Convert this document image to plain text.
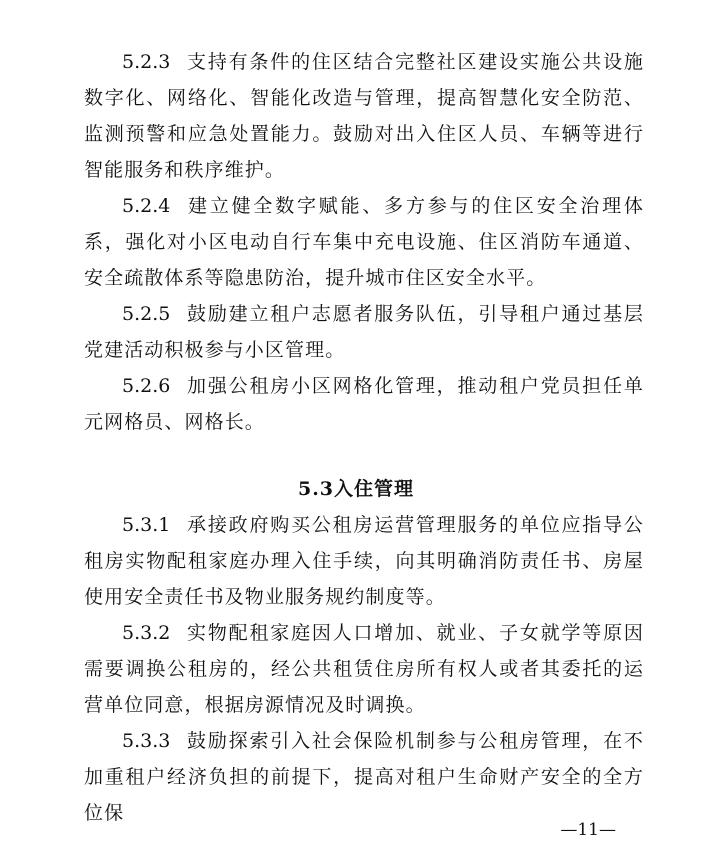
5.2.3 支持有条件的住区结合完整社区建设实施公共设施数字化、网络化、智能化改造与管理，提高智慧化安全防范、监测预警和应急处置能力。鼓励对出入住区人员、车辆等进行智能服务和秩序维护。

5.2.4 建立健全数字赋能、多方参与的住区安全治理体系，强化对小区电动自行车集中充电设施、住区消防车通道、安全疏散体系等隐患防治，提升城市住区安全水平。

5.2.5 鼓励建立租户志愿者服务队伍，引导租户通过基层党建活动积极参与小区管理。

5.2.6 加强公租房小区网格化管理，推动租户党员担任单元网格员、网格长。

5.3入住管理

5.3.1 承接政府购买公租房运营管理服务的单位应指导公租房实物配租家庭办理入住手续，向其明确消防责任书、房屋使用安全责任书及物业服务规约制度等。

5.3.2 实物配租家庭因人口增加、就业、子女就学等原因需要调换公租房的，经公共租赁住房所有权人或者其委托的运营单位同意，根据房源情况及时调换。

5.3.3 鼓励探索引入社会保险机制参与公租房管理，在不加重租户经济负担的前提下，提高对租户生命财产安全的全方位保

—11—
